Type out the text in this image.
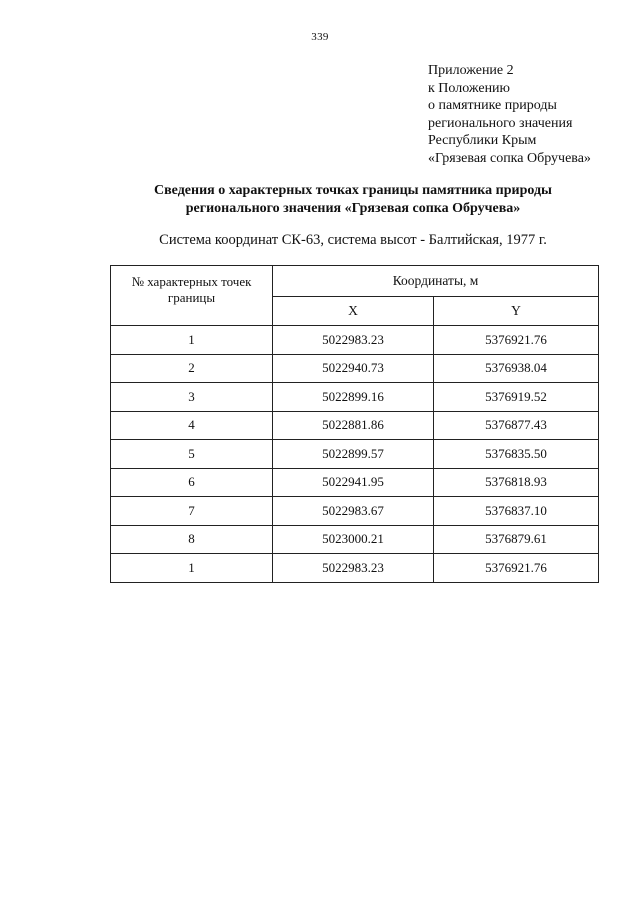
339
Приложение 2
к Положению
о памятнике природы
регионального значения
Республики Крым
«Грязевая сопка Обручева»
Сведения о характерных точках границы памятника природы
регионального значения «Грязевая сопка Обручева»
Система координат СК-63, система высот - Балтийская, 1977 г.
№ характерных точек границы	Координаты, м	
	X	Y
1	5022983.23	5376921.76
2	5022940.73	5376938.04
3	5022899.16	5376919.52
4	5022881.86	5376877.43
5	5022899.57	5376835.50
6	5022941.95	5376818.93
7	5022983.67	5376837.10
8	5023000.21	5376879.61
1	5022983.23	5376921.76
